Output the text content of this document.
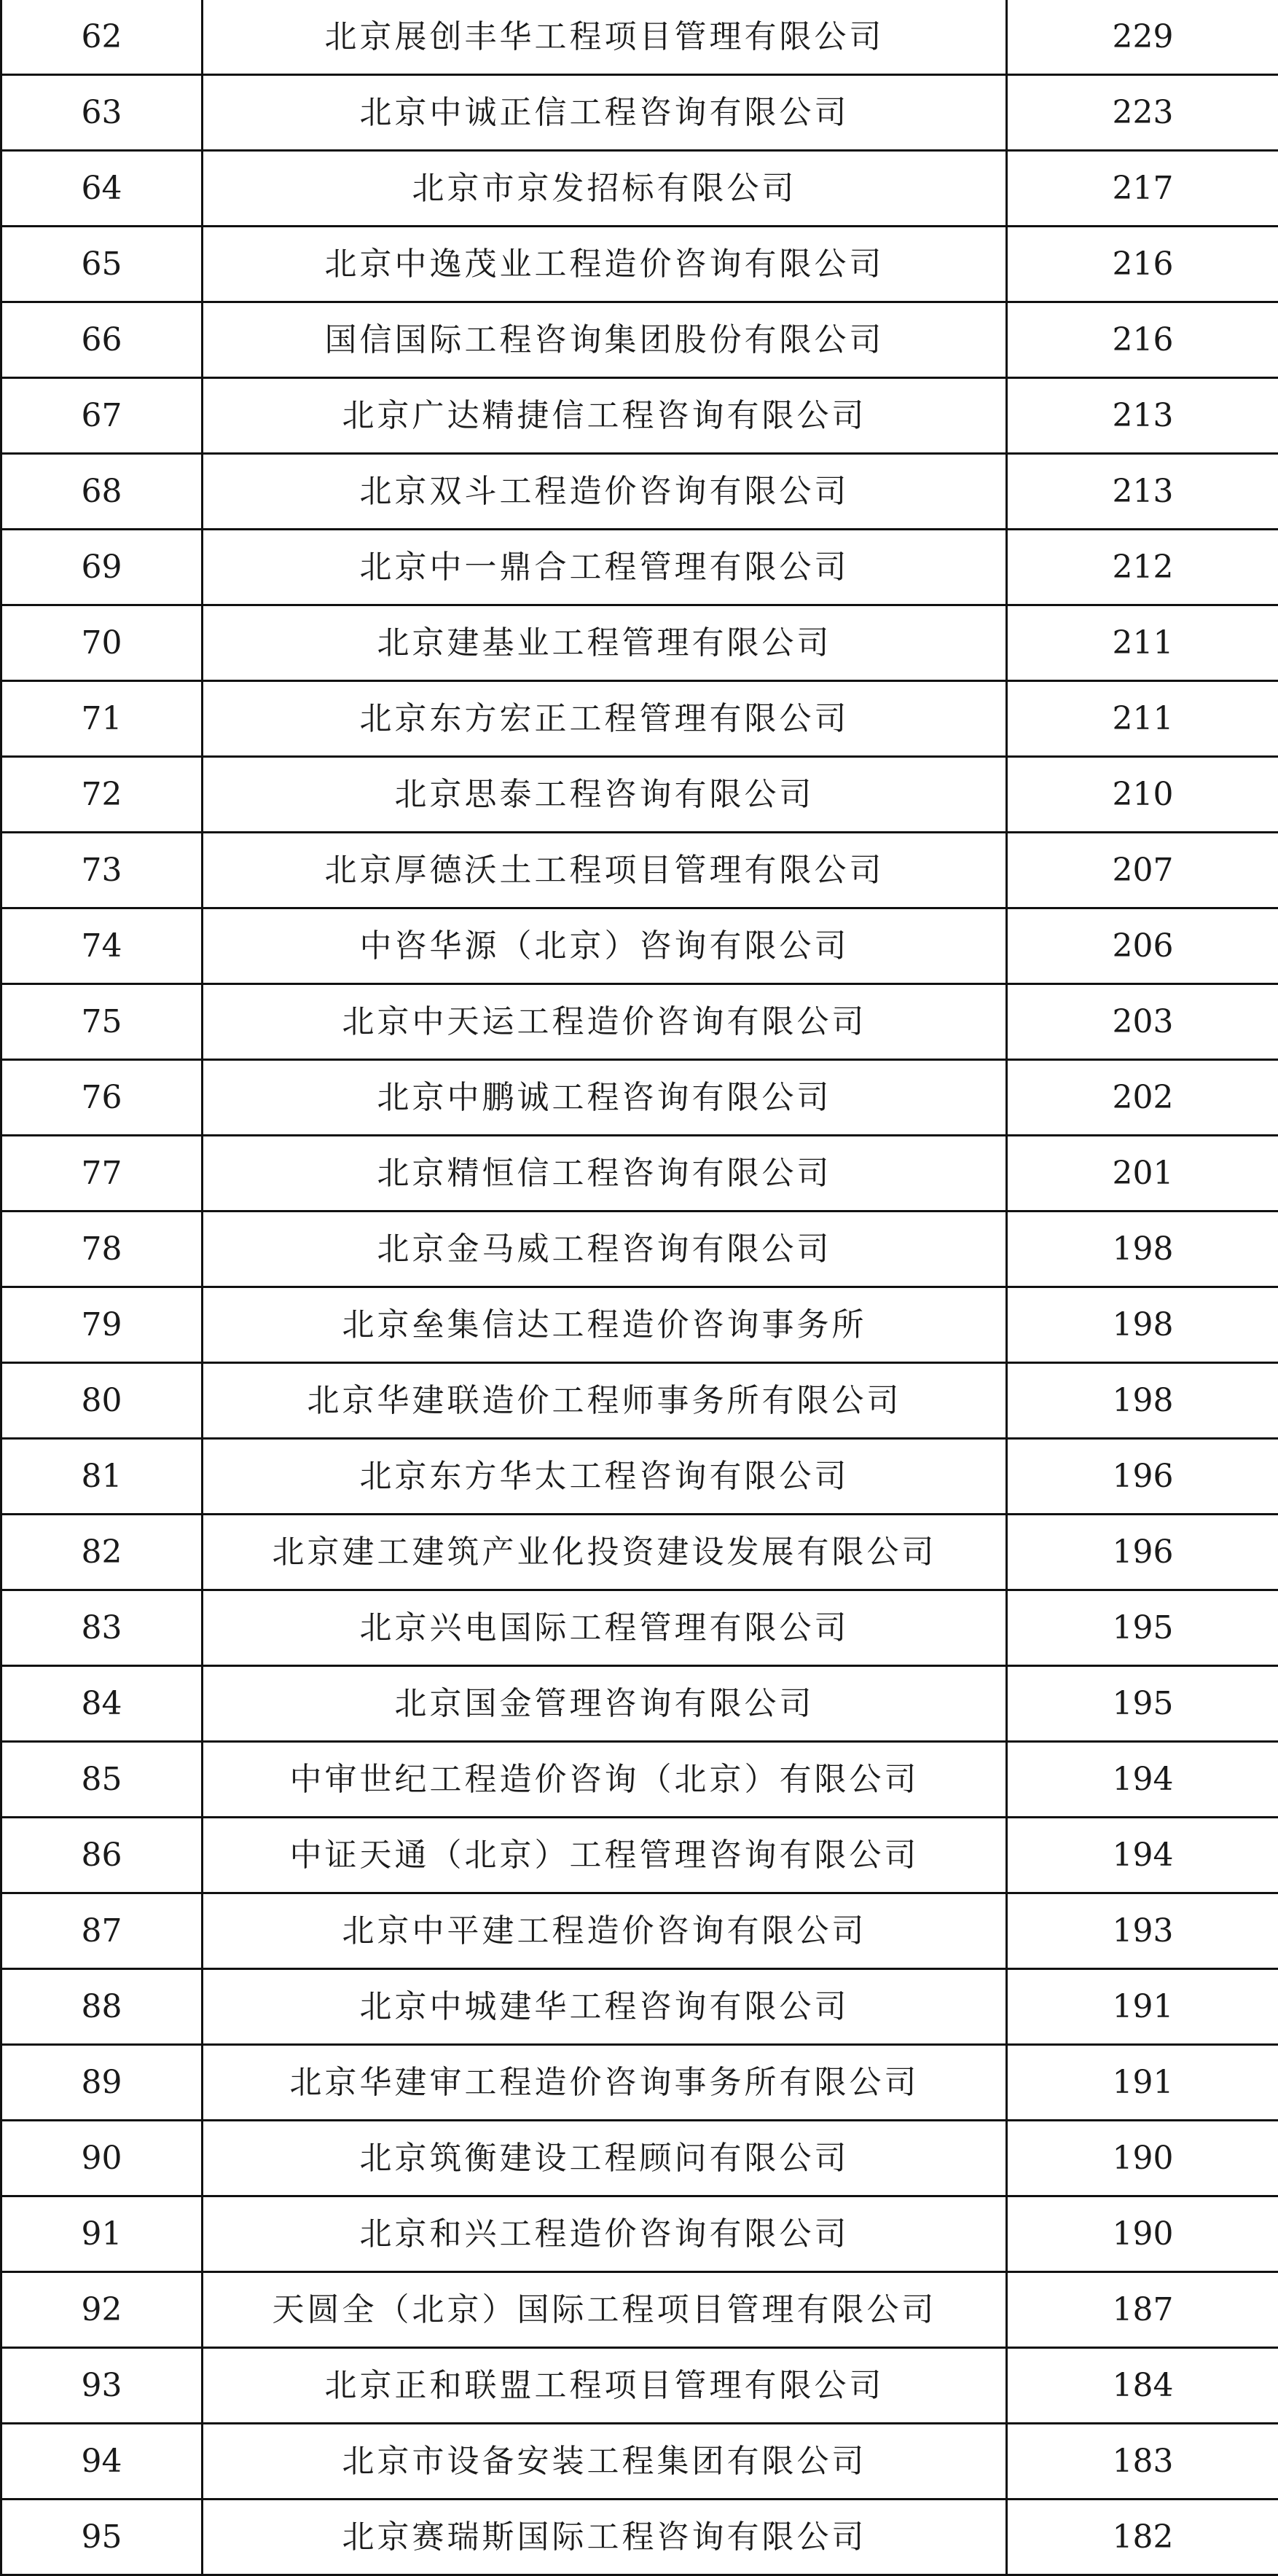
62	北京展创丰华工程项目管理有限公司	229
63	北京中诚正信工程咨询有限公司	223
64	北京市京发招标有限公司	217
65	北京中逸茂业工程造价咨询有限公司	216
66	国信国际工程咨询集团股份有限公司	216
67	北京广达精捷信工程咨询有限公司	213
68	北京双斗工程造价咨询有限公司	213
69	北京中一鼎合工程管理有限公司	212
70	北京建基业工程管理有限公司	211
71	北京东方宏正工程管理有限公司	211
72	北京思泰工程咨询有限公司	210
73	北京厚德沃土工程项目管理有限公司	207
74	中咨华源（北京）咨询有限公司	206
75	北京中天运工程造价咨询有限公司	203
76	北京中鹏诚工程咨询有限公司	202
77	北京精恒信工程咨询有限公司	201
78	北京金马威工程咨询有限公司	198
79	北京垒集信达工程造价咨询事务所	198
80	北京华建联造价工程师事务所有限公司	198
81	北京东方华太工程咨询有限公司	196
82	北京建工建筑产业化投资建设发展有限公司	196
83	北京兴电国际工程管理有限公司	195
84	北京国金管理咨询有限公司	195
85	中审世纪工程造价咨询（北京）有限公司	194
86	中证天通（北京）工程管理咨询有限公司	194
87	北京中平建工程造价咨询有限公司	193
88	北京中城建华工程咨询有限公司	191
89	北京华建审工程造价咨询事务所有限公司	191
90	北京筑衡建设工程顾问有限公司	190
91	北京和兴工程造价咨询有限公司	190
92	天圆全（北京）国际工程项目管理有限公司	187
93	北京正和联盟工程项目管理有限公司	184
94	北京市设备安装工程集团有限公司	183
95	北京赛瑞斯国际工程咨询有限公司	182
